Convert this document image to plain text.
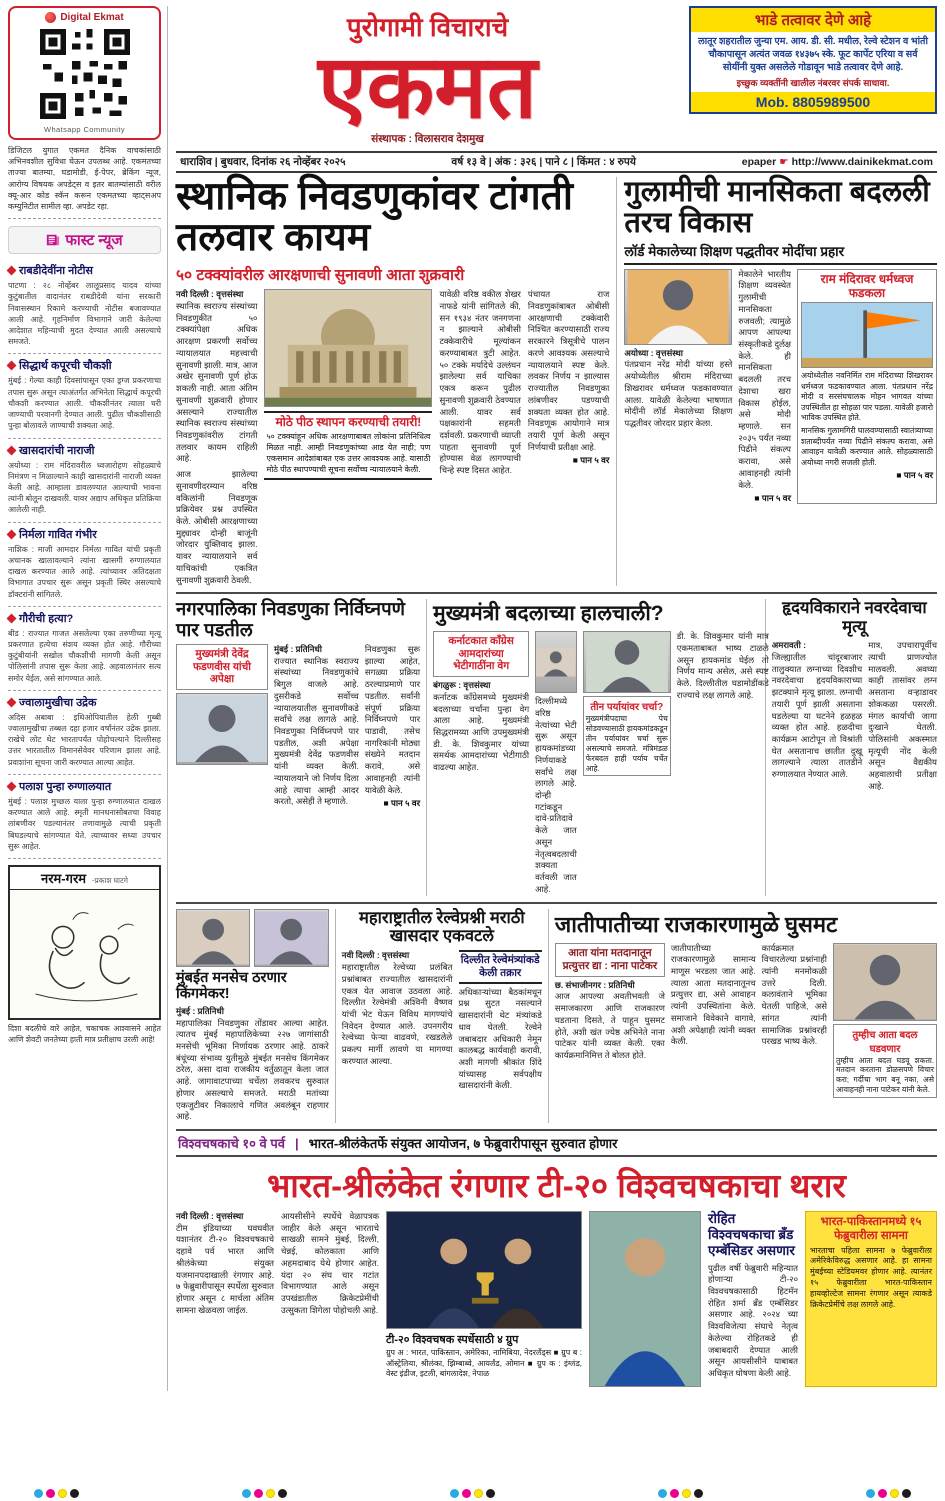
Digital Ekmat
Whatsapp Community

डिजिटल युगात एकमत दैनिक वाचकांसाठी अभिनवशील सुविधा घेऊन उपलब्ध आहे. एकमतच्या ताज्या बातम्या, घडामोडी, ई-पेपर, ब्रेकिंग न्यूज, आरोग्य विषयक अपडेट्स व इतर बातम्यांसाठी वरील क्यू-आर कोड स्कॅन करून एकमतच्या व्हाट्सअप कम्युनिटीत सामील व्हा. अपडेट रहा.

फास्ट न्यूज
राबडीदेवींना नोटीस

पाटणा : २८ नोव्हेंबर लालूप्रसाद यादव यांच्या कुटुंबातील वादानंतर राबडीदेवी यांना सरकारी निवासस्थान रिकामे करण्याची नोटीस बजावण्यात आली आहे. गृहनिर्माण विभागाने जारी केलेल्या आदेशात महिन्याची मुदत देण्यात आली असल्याचे समजते.

सिद्धार्थ कपूरची चौकशी

मुंबई : गेल्या काही दिवसांपासून एका ड्रग्ज प्रकरणाचा तपास सुरू असून त्याअंतर्गत अभिनेता सिद्धार्थ कपूरची चौकशी करण्यात आली. चौकशीनंतर त्याला घरी जाण्याची परवानगी देण्यात आली. पुढील चौकशीसाठी पुन्हा बोलावले जाण्याची शक्यता आहे.

खासदारांची नाराजी

अयोध्या : राम मंदिरावरील ध्वजारोहण सोहळ्याचे निमंत्रण न मिळाल्याने काही खासदारांनी नाराजी व्यक्त केली आहे. आम्हाला डावलण्यात आल्याची भावना त्यांनी बोलून दाखवली. यावर अद्याप अधिकृत प्रतिक्रिया आलेली नाही.

निर्मला गावित गंभीर

नाशिक : माजी आमदार निर्मला गावित यांची प्रकृती अचानक खालावल्याने त्यांना खासगी रुग्णालयात दाखल करण्यात आले आहे. त्यांच्यावर अतिदक्षता विभागात उपचार सुरू असून प्रकृती स्थिर असल्याचे डॉक्टरांनी सांगितले.

गौरीची हत्या?

बीड : राज्यात गाजत असलेल्या एका तरुणीच्या मृत्यू प्रकरणात हत्येचा संशय व्यक्त होत आहे. गौरीच्या कुटुंबीयांनी सखोल चौकशीची मागणी केली असून पोलिसांनी तपास सुरू केला आहे. अहवालानंतर सत्य समोर येईल, असे सांगण्यात आले.

ज्वालामुखीचा उद्रेक

अदिस अबाबा : इथिओपियातील हेली गुब्बी ज्वालामुखीचा तब्बल दहा हजार वर्षांनंतर उद्रेक झाला. राखेचे लोट थेट भारतापर्यंत पोहोचल्याने दिल्लीसह उत्तर भारतातील विमानसेवेवर परिणाम झाला आहे. प्रवाशांना सूचना जारी करण्यात आल्या आहेत.

पलाश पुन्हा रुग्णालयात

मुंबई : पलाश मुच्छल याला पुन्हा रुग्णालयात दाखल करण्यात आले आहे. स्मृती मानधनासोबतचा विवाह लांबणीवर पडल्यानंतर तणावामुळे त्याची प्रकृती बिघडल्याचे सांगण्यात येते. त्याच्यावर सध्या उपचार सुरू आहेत.

नरम-गरम -प्रकाश घाटगे

दिशा बदलीचे वारे आहेत, चकाचक आश्वासने आहेत आणि शेवटी जनतेच्या हाती मात्र प्रतीक्षाच उरली आहे!

पुरोगामी विचाराचे
एकमत
संस्थापक : विलासराव देशमुख
भाडे तत्वावर देणे आहे

लातूर शहरातील जुन्या एम. आय. डी. सी. मधील, रेल्वे स्टेशन व भांती चौकापासून अत्यंत जवळ १४३७५ स्के. फूट कार्पेट एरिया व सर्व सोयींनी युक्त असलेले गोडावून भाडे तत्वावर देणे आहे.

इच्छुक व्यक्तींनी खालील नंबरवर संपर्क साधावा.

Mob. 8805989500
धाराशिव | बुधवार, दिनांक २६ नोव्हेंबर २०२५	वर्ष १३ वे | अंक : ३२६ | पाने ८ | किंमत : ४ रुपये	epaper ☛ http://www.dainikekmat.com
स्थानिक निवडणुकांवर टांगती तलवार कायम
५० टक्क्यांवरील आरक्षणाची सुनावणी आता शुक्रवारी

नवी दिल्ली : वृत्तसंस्था

स्थानिक स्वराज्य संस्थांच्या निवडणुकीत ५० टक्क्यांपेक्षा अधिक आरक्षण प्रकरणी सर्वोच्च न्यायालयात महत्त्वाची सुनावणी झाली. मात्र, आज अखेर सुनावणी पूर्ण होऊ शकली नाही. आता अंतिम सुनावणी शुक्रवारी होणार असल्याने राज्यातील स्थानिक स्वराज्य संस्थांच्या निवडणुकांवरील टांगती तलवार कायम राहिली आहे.

आज झालेल्या सुनावणीदरम्यान वरिष्ठ वकिलांनी निवडणूक प्रक्रियेवर प्रश्न उपस्थित केले. ओबीसी आरक्षणाच्या मुद्द्यावर दोन्ही बाजूंनी जोरदार युक्तिवाद झाला. यावर न्यायालयाने सर्व याचिकांची एकत्रित सुनावणी शुक्रवारी ठेवली.

मोठे पीठ स्थापन करण्याची तयारी!

५० टक्क्यांहून अधिक आरक्षणाबाबत लोकांना प्रतिनिधित्व मिळत नाही. आम्ही निवडणुकांच्या आड येत नाही; पण एकसमान आदेशांबाबत एक उत्तर आवश्यक आहे. यासाठी मोठे पीठ स्थापण्याची सूचना सर्वोच्च न्यायालयाने केली.

यावेळी वरिष्ठ वकील शेखर नाफडे यांनी सांगितले की, सन १९३४ नंतर जनगणना न झाल्याने ओबीसी टक्केवारीचे मूल्यांकन करण्याबाबत त्रुटी आहेत. ५० टक्के मर्यादेचे उल्लंघन झालेल्या सर्व याचिका एकत्र करून पुढील सुनावणी शुक्रवारी ठेवण्यात आली. यावर सर्व पक्षकारांनी सहमती दर्शवली. प्रकरणाची व्याप्ती पाहता सुनावणी पूर्ण होण्यास वेळ लागण्याची चिन्हे स्पष्ट दिसत आहेत.

पंचायत राज निवडणुकांबाबत ओबीसी आरक्षणाची टक्केवारी निश्चित करण्यासाठी राज्य सरकारने त्रिसूत्रीचे पालन करणे आवश्यक असल्याचे न्यायालयाने स्पष्ट केले. लवकर निर्णय न झाल्यास राज्यातील निवडणुका लांबणीवर पडण्याची शक्यता व्यक्त होत आहे. निवडणूक आयोगाने मात्र तयारी पूर्ण केली असून निर्णयाची प्रतीक्षा आहे.

■ पान ५ वर
गुलामीची मानसिकता बदलली तरच विकास
लॉर्ड मेकालेच्या शिक्षण पद्धतीवर मोदींचा प्रहार

अयोध्या : वृत्तसंस्था

पंतप्रधान नरेंद्र मोदी यांच्या हस्ते अयोध्येतील श्रीराम मंदिराच्या शिखरावर धर्मध्वज फडकावण्यात आला. यावेळी केलेल्या भाषणात मोदींनी लॉर्ड मेकालेच्या शिक्षण पद्धतीवर जोरदार प्रहार केला.

मेकालेने भारतीय शिक्षण व्यवस्थेत गुलामीची मानसिकता रुजवली; त्यामुळे आपण आपल्या संस्कृतीकडे दुर्लक्ष केले. ही मानसिकता बदलली तरच देशाचा खरा विकास होईल, असे मोदी म्हणाले. सन २०३५ पर्यंत नव्या पिढीने संकल्प करावा, असे आवाहनही त्यांनी केले.

■ पान ५ वर
राम मंदिरावर धर्मध्वज फडकला

अयोध्येतील नवनिर्मित राम मंदिराच्या शिखरावर धर्मध्वज फडकावण्यात आला. पंतप्रधान नरेंद्र मोदी व सरसंघचालक मोहन भागवत यांच्या उपस्थितीत हा सोहळा पार पडला. यावेळी हजारो भाविक उपस्थित होते.

मानसिक गुलामगिरी घालवण्यासाठी स्वातंत्र्याच्या शताब्दीपर्यंत नव्या पिढीने संकल्प करावा, असे आवाहन यावेळी करण्यात आले. सोहळ्यासाठी अयोध्या नगरी सजली होती.

■ पान ५ वर
नगरपालिका निवडणुका निर्विघ्नपणे पार पडतील
मुख्यमंत्री देवेंद्र फडणवीस यांची अपेक्षा

मुंबई : प्रतिनिधी

राज्यात स्थानिक स्वराज्य संस्थांच्या निवडणुकांचे बिगुल वाजले आहे. दुसरीकडे सर्वोच्च न्यायालयातील सुनावणीकडे सर्वांचे लक्ष लागले आहे. निवडणुका निर्विघ्नपणे पार पडतील, अशी अपेक्षा मुख्यमंत्री देवेंद्र फडणवीस यांनी व्यक्त केली. न्यायालयाने जो निर्णय दिला आहे त्याचा आम्ही आदर करतो, असेही ते म्हणाले.

निवडणुका सुरू झाल्या आहेत, सगळ्या प्रक्रिया ठरल्याप्रमाणे पार पडतील. सर्वांनी संपूर्ण प्रक्रिया निर्विघ्नपणे पार पाडावी, तसेच नागरिकांनी मोठ्या संख्येने मतदान करावे, असे आवाहनही त्यांनी यावेळी केले.

■ पान ५ वर
मुख्यमंत्री बदलाच्या हालचाली?
कर्नाटकात काँग्रेस आमदारांच्या भेटीगाठींना वेग

बंगळुरू : वृत्तसंस्था

कर्नाटक काँग्रेसमध्ये मुख्यमंत्री बदलाच्या चर्चांना पुन्हा वेग आला आहे. मुख्यमंत्री सिद्धरामय्या आणि उपमुख्यमंत्री डी. के. शिवकुमार यांच्या समर्थक आमदारांच्या भेटीगाठी वाढल्या आहेत.

दिल्लीमध्ये वरिष्ठ नेत्यांच्या भेटी सुरू असून हायकमांडच्या निर्णयाकडे सर्वांचे लक्ष लागले आहे. दोन्ही गटांकडून दावे-प्रतिदावे केले जात असून नेतृत्वबदलाची शक्यता वर्तवली जात आहे.

तीन पर्यायांवर चर्चा?

मुख्यमंत्रीपदाचा पेच सोडवण्यासाठी हायकमांडकडून तीन पर्यायांवर चर्चा सुरू असल्याचे समजते. मंत्रिमंडळ फेरबदल हाही पर्याय चर्चेत आहे.

डी. के. शिवकुमार यांनी मात्र एकमताबाबत भाष्य टाळले असून हायकमांड घेईल तो निर्णय मान्य असेल, असे स्पष्ट केले. दिल्लीतील घडामोडींकडे राज्याचे लक्ष लागले आहे.

हृदयविकाराने नवरदेवाचा मृत्यू

अमरावती :

जिल्ह्यातील चांदूरबाजार तालुक्यात लग्नाच्या दिवशीच नवरदेवाचा हृदयविकाराच्या झटक्याने मृत्यू झाला. लग्नाची तयारी पूर्ण झाली असताना घडलेल्या या घटनेने हळहळ व्यक्त होत आहे. हळदीचा कार्यक्रम आटोपून तो विश्रांती घेत असतानाच छातीत दुखू लागल्याने त्याला तातडीने रुग्णालयात नेण्यात आले.

मात्र, उपचारापूर्वीच त्याची प्राणज्योत मालवली. अवघ्या काही तासांवर लग्न असताना वऱ्हाडावर शोककळा पसरली. मंगल कार्याची जागा दुःखाने घेतली. पोलिसांनी अकस्मात मृत्यूची नोंद केली असून वैद्यकीय अहवालाची प्रतीक्षा आहे.

मुंबईत मनसेच ठरणार किंगमेकर!

मुंबई : प्रतिनिधी

महापालिका निवडणुका तोंडावर आल्या आहेत. त्यातच मुंबई महापालिकेच्या २२७ जागांसाठी मनसेची भूमिका निर्णायक ठरणार आहे. ठाकरे बंधूंच्या संभाव्य युतीमुळे मुंबईत मनसेच किंगमेकर ठरेल, असा दावा राजकीय वर्तुळातून केला जात आहे. जागावाटपाच्या चर्चेला लवकरच सुरुवात होणार असल्याचे समजते. मराठी मतांच्या एकजुटीवर निकालाचे गणित अवलंबून राहणार आहे.

महाराष्ट्रातील रेल्वेप्रश्नी मराठी खासदार एकवटले

नवी दिल्ली : वृत्तसंस्था

महाराष्ट्रातील रेल्वेच्या प्रलंबित प्रश्नांबाबत राज्यातील खासदारांनी एकत्र येत आवाज उठवला आहे. दिल्लीत रेल्वेमंत्री अश्विनी वैष्णव यांची भेट घेऊन विविध मागण्यांचे निवेदन देण्यात आले. उपनगरीय रेल्वेच्या फेऱ्या वाढवणे, रखडलेले प्रकल्प मार्गी लावणे या मागण्या करण्यात आल्या.

दिल्लीत रेल्वेमंत्र्यांकडे केली तक्रार

अधिकाऱ्यांच्या बैठकांमधून प्रश्न सुटत नसल्याने खासदारांनी थेट मंत्र्यांकडे धाव घेतली. रेल्वेने जबाबदार अधिकारी नेमून कालबद्ध कार्यवाही करावी, अशी मागणी श्रीकांत शिंदे यांच्यासह सर्वपक्षीय खासदारांनी केली.

जातीपातीच्या राजकारणामुळे घुसमट
आता यांना मतदानातून प्रत्युत्तर द्या : नाना पाटेकर

छ. संभाजीनगर : प्रतिनिधी

आज आपल्या अवतीभवती जे समाजकारण आणि राजकारण घडताना दिसते, ते पाहून घुसमट होते, अशी खंत ज्येष्ठ अभिनेते नाना पाटेकर यांनी व्यक्त केली. एका कार्यक्रमानिमित्त ते बोलत होते.

जातीपातीच्या राजकारणामुळे सामान्य माणूस भरडला जात आहे. त्याला आता मतदानातूनच प्रत्युत्तर द्या, असे आवाहन त्यांनी उपस्थितांना केले. समाजाने विवेकाने वागावे, अशी अपेक्षाही त्यांनी व्यक्त केली.

कार्यक्रमात विचारलेल्या प्रश्नांनाही त्यांनी मनमोकळी उत्तरे दिली. कलावंताने भूमिका घेतली पाहिजे, असे सांगत त्यांनी सामाजिक प्रश्नांवरही परखड भाष्य केले.

तुम्हीच आता बदल घडवणार

तुम्हीच आता बदल घडवू शकता. मतदान करताना डोळसपणे विचार करा; गर्दीचा भाग बनू नका, असे आवाहनही नाना पाटेकर यांनी केले.

विश्वचषकाचे १० वे पर्व | भारत-श्रीलंकेतर्फे संयुक्त आयोजन, ७ फेब्रुवारीपासून सुरुवात होणार
भारत-श्रीलंकेत रंगणार टी-२० विश्वचषकाचा थरार

नवी दिल्ली : वृत्तसंस्था

टीम इंडियाच्या घवघवीत यशानंतर टी-२० विश्वचषकाचे दहावे पर्व भारत आणि श्रीलंकेच्या संयुक्त यजमानपदाखाली रंगणार आहे. ७ फेब्रुवारीपासून स्पर्धेला सुरुवात होणार असून ८ मार्चला अंतिम सामना खेळवला जाईल.

आयसीसीने स्पर्धेचे वेळापत्रक जाहीर केले असून भारताचे साखळी सामने मुंबई, दिल्ली, चेन्नई, कोलकाता आणि अहमदाबाद येथे होणार आहेत. यंदा २० संघ चार गटांत विभागण्यात आले असून उपखंडातील क्रिकेटप्रेमींची उत्सुकता शिगेला पोहोचली आहे.

टी-२० विश्वचषक स्पर्धेसाठी ४ ग्रुप

ग्रुप अ : भारत, पाकिस्तान, अमेरिका, नामिबिया, नेदरलँड्स ■ ग्रुप ब : ऑस्ट्रेलिया, श्रीलंका, झिम्बाब्वे, आयर्लंड, ओमान ■ ग्रुप क : इंग्लंड, वेस्ट इंडीज, इटली, बांगलादेश, नेपाळ

रोहित विश्वचषकाचा ब्रँड एम्बॅसिडर असणार

पुढील वर्षी फेब्रुवारी महिन्यात होणाऱ्या टी-२० विश्वचषकासाठी हिटमॅन रोहित शर्मा ब्रँड एम्बॅसिडर असणार आहे. २०२४ च्या विश्वविजेत्या संघाचे नेतृत्व केलेल्या रोहितकडे ही जबाबदारी देण्यात आली असून आयसीसीने याबाबत अधिकृत घोषणा केली आहे.

भारत-पाकिस्तानमध्ये १५ फेब्रुवारीला सामना

भारताचा पहिला सामना ७ फेब्रुवारीला अमेरिकेविरुद्ध असणार आहे. हा सामना मुंबईच्या स्टेडियमवर होणार आहे. त्यानंतर १५ फेब्रुवारीला भारत-पाकिस्तान हायव्होल्टेज सामना रंगणार असून त्याकडे क्रिकेटप्रेमींचे लक्ष लागले आहे.
